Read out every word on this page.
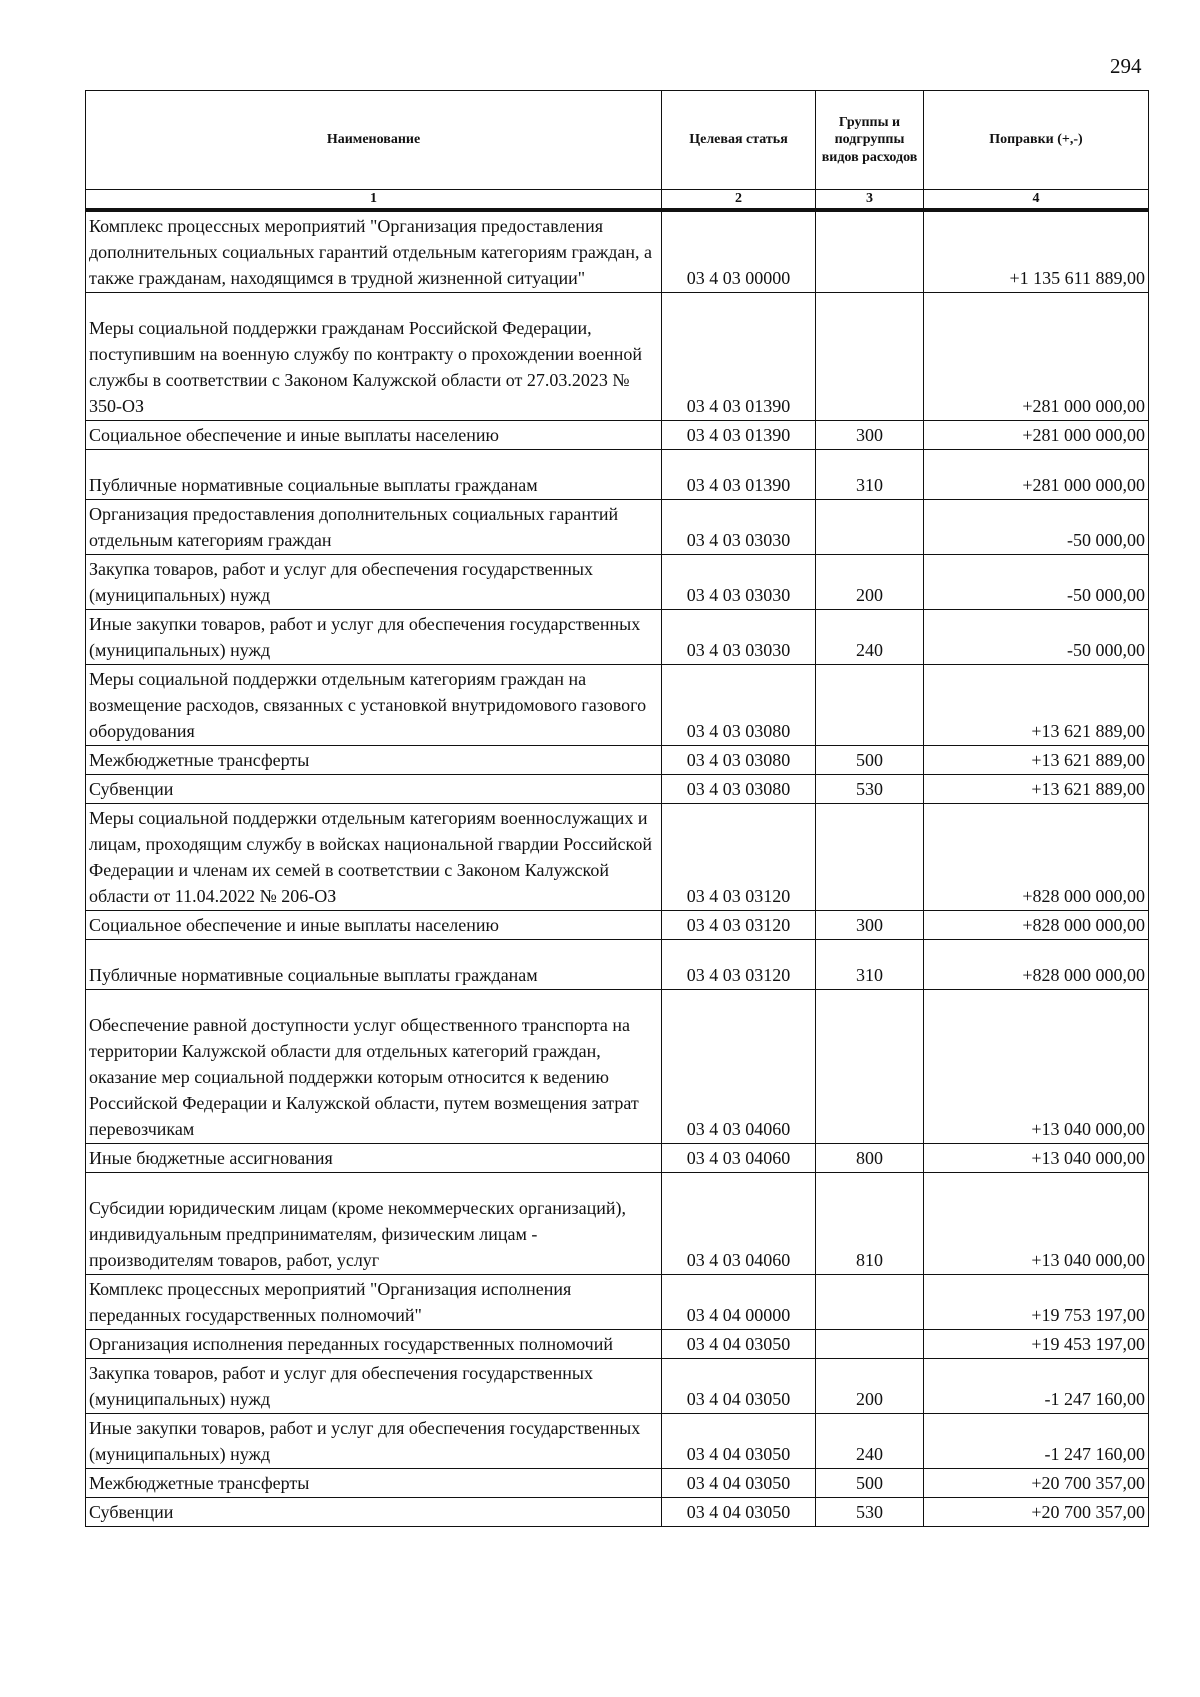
294
Наименование	Целевая статья	Группы и подгруппы видов расходов	Поправки (+,-)
1	2	3	4
Комплекс процессных мероприятий "Организация предоставления дополнительных социальных гарантий отдельным категориям граждан, а также гражданам, находящимся в трудной жизненной ситуации"	03 4 03 00000		+1 135 611 889,00
Меры социальной поддержки гражданам Российской Федерации, поступившим на военную службу по контракту о прохождении военной службы в соответствии с Законом Калужской области от 27.03.2023 № 350-ОЗ	03 4 03 01390		+281 000 000,00
Социальное обеспечение и иные выплаты населению	03 4 03 01390	300	+281 000 000,00
Публичные нормативные социальные выплаты гражданам	03 4 03 01390	310	+281 000 000,00
Организация предоставления дополнительных социальных гарантий отдельным категориям граждан	03 4 03 03030		-50 000,00
Закупка товаров, работ и услуг для обеспечения государственных (муниципальных) нужд	03 4 03 03030	200	-50 000,00
Иные закупки товаров, работ и услуг для обеспечения государственных (муниципальных) нужд	03 4 03 03030	240	-50 000,00
Меры социальной поддержки отдельным категориям граждан на возмещение расходов, связанных с установкой внутридомового газового оборудования	03 4 03 03080		+13 621 889,00
Межбюджетные трансферты	03 4 03 03080	500	+13 621 889,00
Субвенции	03 4 03 03080	530	+13 621 889,00
Меры социальной поддержки отдельным категориям военнослужащих и лицам, проходящим службу в войсках национальной гвардии Российской Федерации и членам их семей в соответствии с Законом Калужской области от 11.04.2022 № 206-ОЗ	03 4 03 03120		+828 000 000,00
Социальное обеспечение и иные выплаты населению	03 4 03 03120	300	+828 000 000,00
Публичные нормативные социальные выплаты гражданам	03 4 03 03120	310	+828 000 000,00
Обеспечение равной доступности услуг общественного транспорта на территории Калужской области для отдельных категорий граждан, оказание мер социальной поддержки которым относится к ведению Российской Федерации и Калужской области, путем возмещения затрат перевозчикам	03 4 03 04060		+13 040 000,00
Иные бюджетные ассигнования	03 4 03 04060	800	+13 040 000,00
Субсидии юридическим лицам (кроме некоммерческих организаций), индивидуальным предпринимателям, физическим лицам - производителям товаров, работ, услуг	03 4 03 04060	810	+13 040 000,00
Комплекс процессных мероприятий "Организация исполнения переданных государственных полномочий"	03 4 04 00000		+19 753 197,00
Организация исполнения переданных государственных полномочий	03 4 04 03050		+19 453 197,00
Закупка товаров, работ и услуг для обеспечения государственных (муниципальных) нужд	03 4 04 03050	200	-1 247 160,00
Иные закупки товаров, работ и услуг для обеспечения государственных (муниципальных) нужд	03 4 04 03050	240	-1 247 160,00
Межбюджетные трансферты	03 4 04 03050	500	+20 700 357,00
Субвенции	03 4 04 03050	530	+20 700 357,00
